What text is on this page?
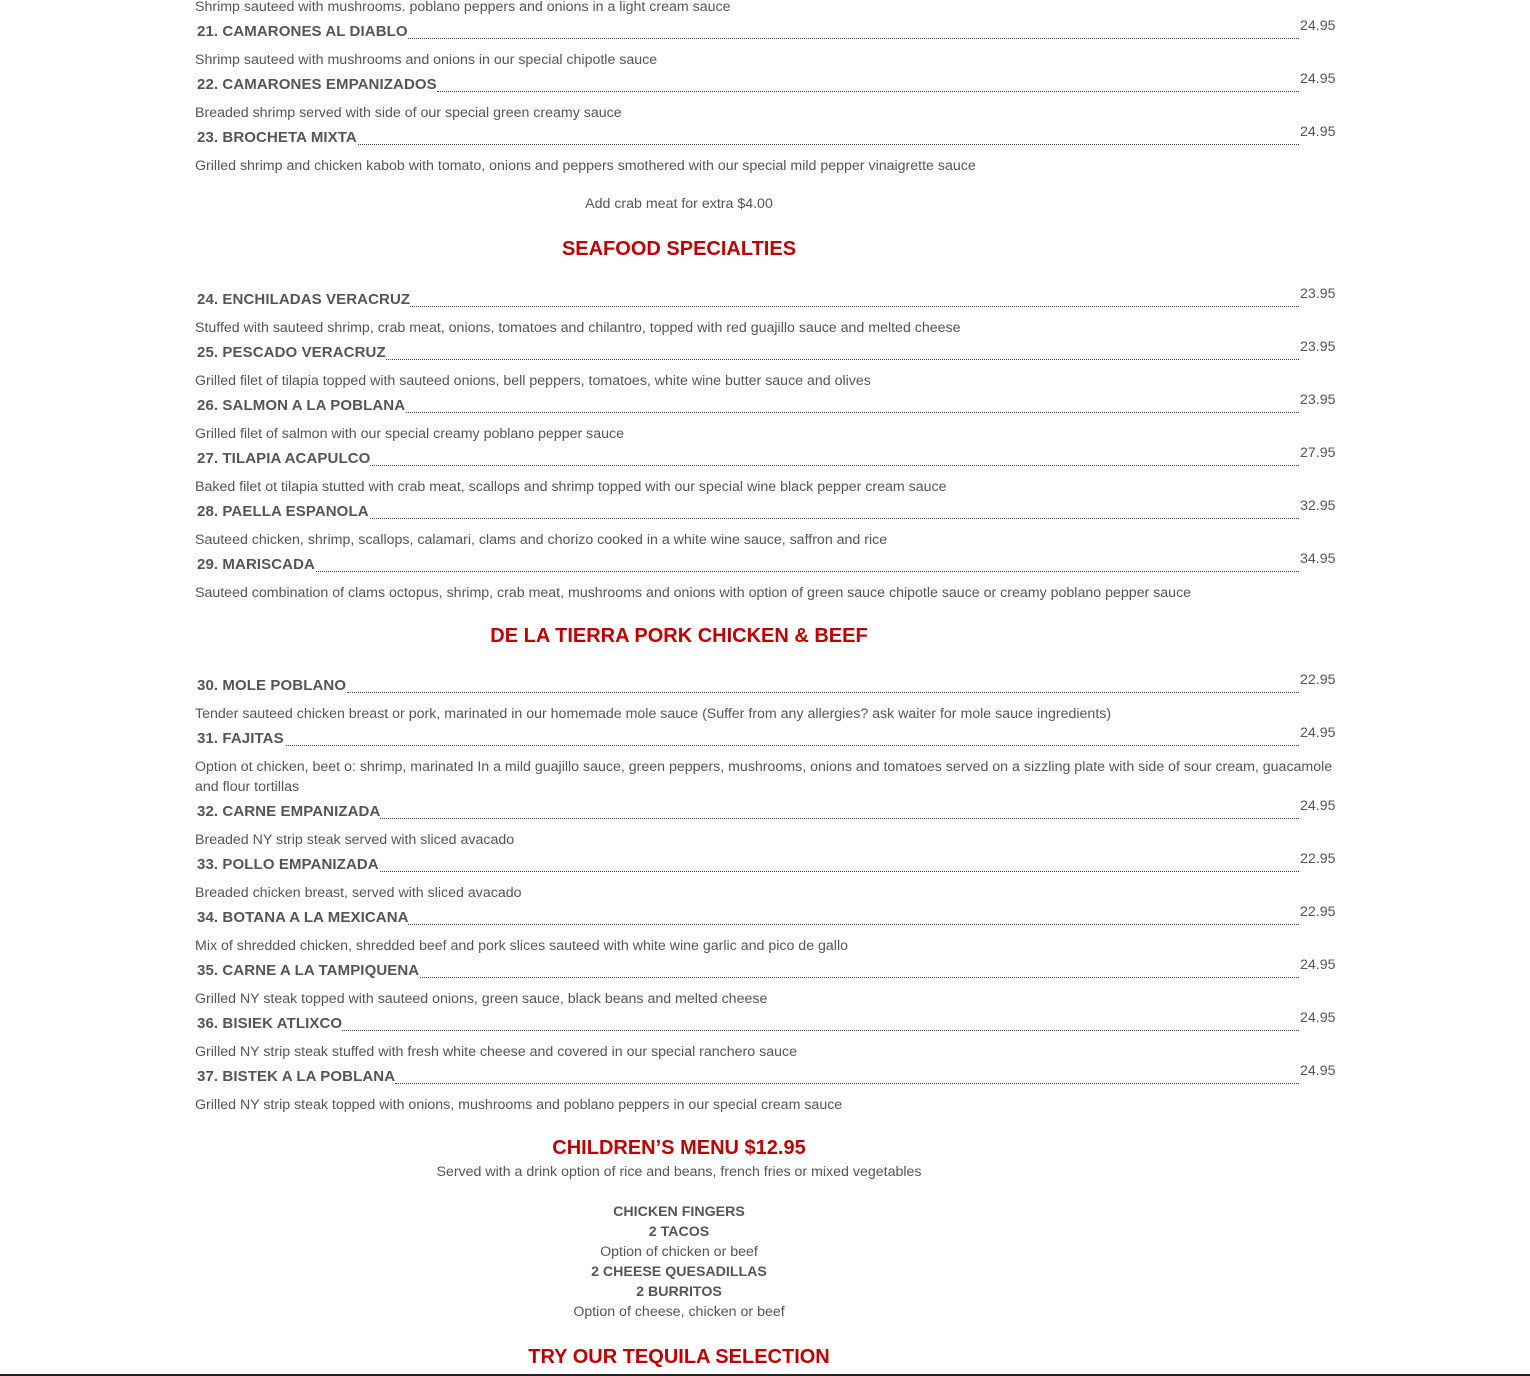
Shrimp sauteed with mushrooms. poblano peppers and onions in a light cream sauce
21. CAMARONES AL DIABLO	24.95
Shrimp sauteed with mushrooms and onions in our special chipotle sauce
22. CAMARONES EMPANIZADOS	24.95
Breaded shrimp served with side of our special green creamy sauce
23. BROCHETA MIXTA	24.95
Grilled shrimp and chicken kabob with tomato, onions and peppers smothered with our special mild pepper vinaigrette sauce
Add crab meat for extra $4.00
SEAFOOD SPECIALTIES
24. ENCHILADAS VERACRUZ	23.95
Stuffed with sauteed shrimp, crab meat, onions, tomatoes and chilantro, topped with red guajillo sauce and melted cheese
25. PESCADO VERACRUZ	23.95
Grilled filet of tilapia topped with sauteed onions, bell peppers, tomatoes, white wine butter sauce and olives
26. SALMON A LA POBLANA	23.95
Grilled filet of salmon with our special creamy poblano pepper sauce
27. TILAPIA ACAPULCO	27.95
Baked filet ot tilapia stutted with crab meat, scallops and shrimp topped with our special wine black pepper cream sauce
28. PAELLA ESPANOLA	32.95
Sauteed chicken, shrimp, scallops, calamari, clams and chorizo cooked in a white wine sauce, saffron and rice
29. MARISCADA	34.95
Sauteed combination of clams octopus, shrimp, crab meat, mushrooms and onions with option of green sauce chipotle sauce or creamy poblano pepper sauce
DE LA TIERRA PORK CHICKEN & BEEF
30. MOLE POBLANO	22.95
Tender sauteed chicken breast or pork, marinated in our homemade mole sauce (Suffer from any allergies? ask waiter for mole sauce ingredients)
31. FAJITAS	24.95
Option ot chicken, beet o: shrimp, marinated In a mild guajillo sauce, green peppers, mushrooms, onions and tomatoes served on a sizzling plate with side of sour cream, guacamole and flour tortillas
32. CARNE EMPANIZADA	24.95
Breaded NY strip steak served with sliced avacado
33. POLLO EMPANIZADA	22.95
Breaded chicken breast, served with sliced avacado
34. BOTANA A LA MEXICANA	22.95
Mix of shredded chicken, shredded beef and pork slices sauteed with white wine garlic and pico de gallo
35. CARNE A LA TAMPIQUENA	24.95
Grilled NY steak topped with sauteed onions, green sauce, black beans and melted cheese
36. BISIEK ATLIXCO	24.95
Grilled NY strip steak stuffed with fresh white cheese and covered in our special ranchero sauce
37. BISTEK A LA POBLANA	24.95
Grilled NY strip steak topped with onions, mushrooms and poblano peppers in our special cream sauce
CHILDREN’S MENU $12.95
Served with a drink option of rice and beans, french fries or mixed vegetables
CHICKEN FINGERS
2 TACOS
Option of chicken or beef
2 CHEESE QUESADILLAS
2 BURRITOS
Option of cheese, chicken or beef
TRY OUR TEQUILA SELECTION
